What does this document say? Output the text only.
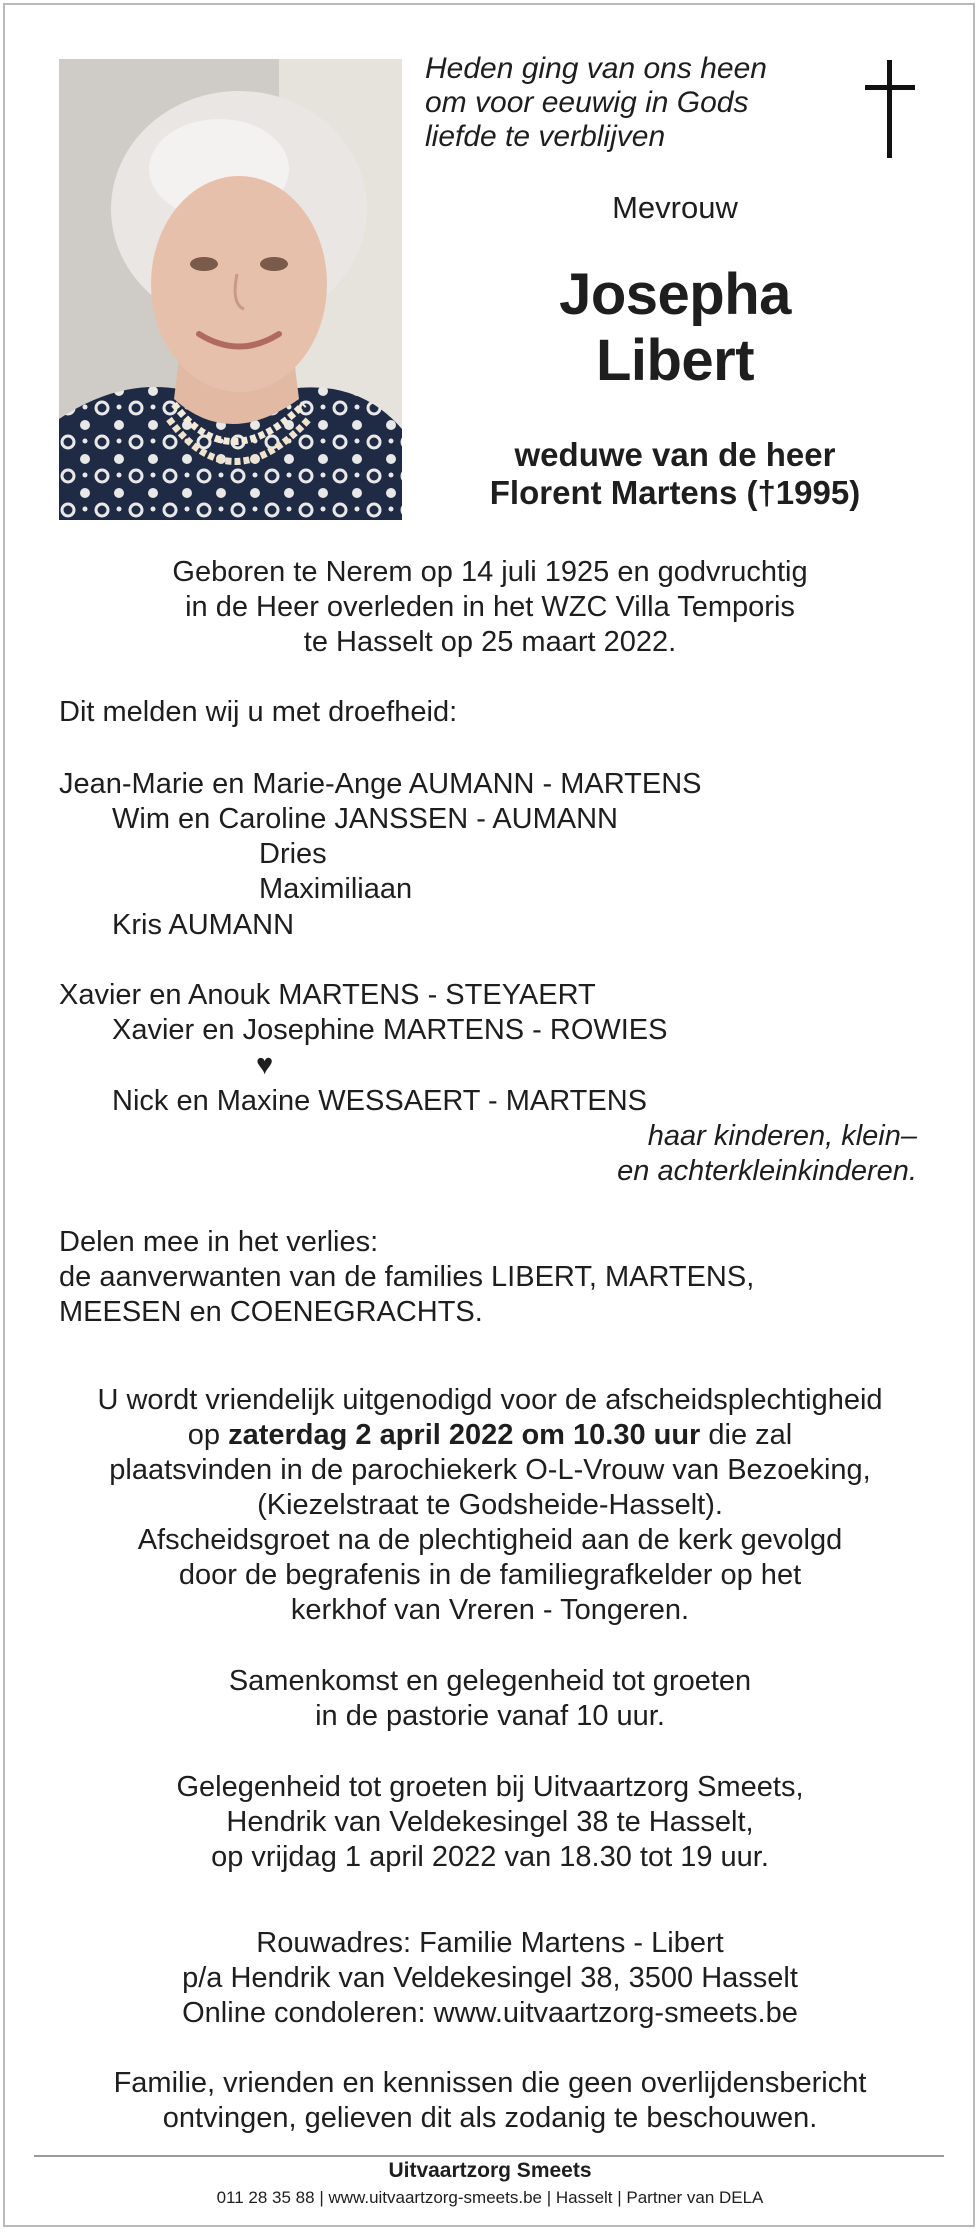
Heden ging van ons heen
om voor eeuwig in Gods
liefde te verblijven
Mevrouw
Josepha
Libert
weduwe van de heer
Florent Martens (†1995)
Geboren te Nerem op 14 juli 1925 en godvruchtig
in de Heer overleden in het WZC Villa Temporis
te Hasselt op 25 maart 2022.
Dit melden wij u met droefheid:
Jean-Marie en Marie-Ange AUMANN - MARTENS
Wim en Caroline JANSSEN - AUMANN
Dries
Maximiliaan
Kris AUMANN
Xavier en Anouk MARTENS - STEYAERT
Xavier en Josephine MARTENS - ROWIES
♥
Nick en Maxine WESSAERT - MARTENS
haar kinderen, klein–
en achterkleinkinderen.
Delen mee in het verlies:
de aanverwanten van de families LIBERT, MARTENS,
MEESEN en COENEGRACHTS.
U wordt vriendelijk uitgenodigd voor de afscheidsplechtigheid
op zaterdag 2 april 2022 om 10.30 uur die zal
plaatsvinden in de parochiekerk O-L-Vrouw van Bezoeking,
(Kiezelstraat te Godsheide-Hasselt).
Afscheidsgroet na de plechtigheid aan de kerk gevolgd
door de begrafenis in de familiegrafkelder op het
kerkhof van Vreren - Tongeren.
Samenkomst en gelegenheid tot groeten
in de pastorie vanaf 10 uur.
Gelegenheid tot groeten bij Uitvaartzorg Smeets,
Hendrik van Veldekesingel 38 te Hasselt,
op vrijdag 1 april 2022 van 18.30 tot 19 uur.
Rouwadres: Familie Martens - Libert
p/a Hendrik van Veldekesingel 38, 3500 Hasselt
Online condoleren: www.uitvaartzorg-smeets.be
Familie, vrienden en kennissen die geen overlijdensbericht
ontvingen, gelieven dit als zodanig te beschouwen.
Uitvaartzorg Smeets
011 28 35 88 | www.uitvaartzorg-smeets.be | Hasselt | Partner van DELA
